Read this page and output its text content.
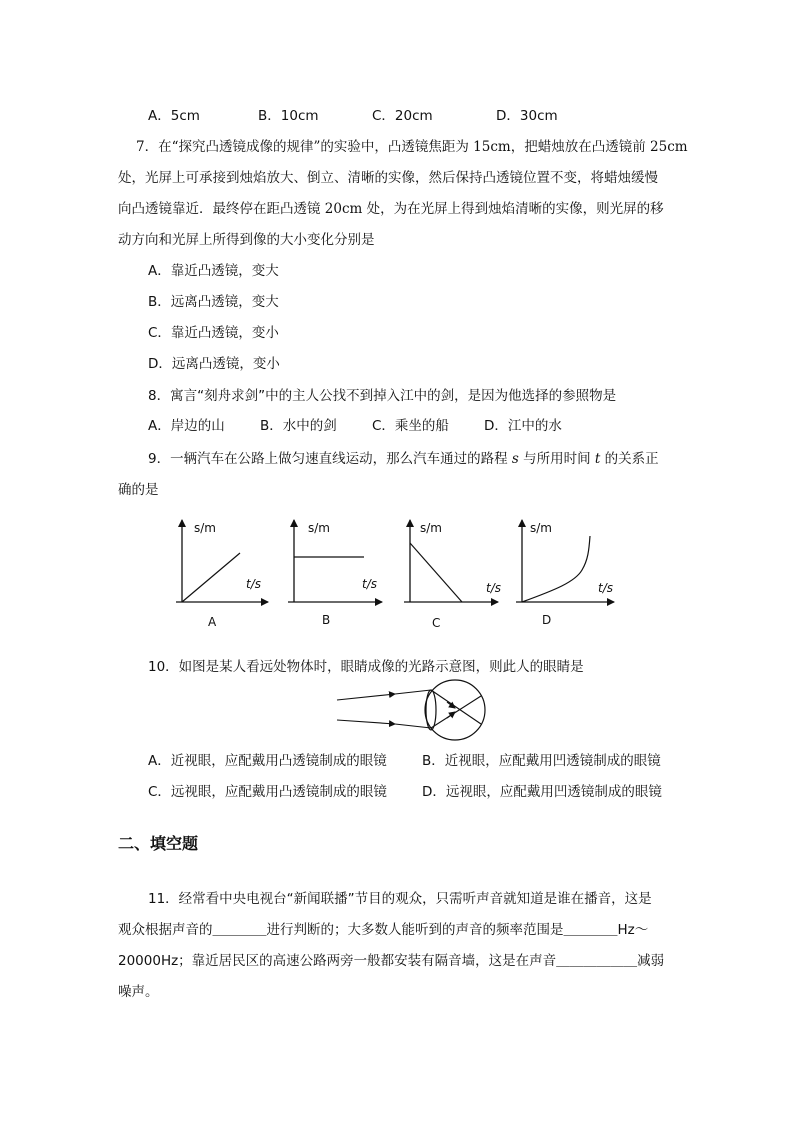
A．5cm	B．10cm	C．20cm	D．30cm
7．在“探究凸透镜成像的规律”的实验中，凸透镜焦距为 15cm，把蜡烛放在凸透镜前 25cm
处，光屏上可承接到烛焰放大、倒立、清晰的实像，然后保持凸透镜位置不变，将蜡烛缓慢
向凸透镜靠近．最终停在距凸透镜 20cm 处，为在光屏上得到烛焰清晰的实像，则光屏的移
动方向和光屏上所得到像的大小变化分别是
A．靠近凸透镜，变大
B．远离凸透镜，变大
C．靠近凸透镜，变小
D．远离凸透镜，变小
8．寓言“刻舟求剑”中的主人公找不到掉入江中的剑，是因为他选择的参照物是
A．岸边的山	B．水中的剑	C．乘坐的船	D．江中的水
9．一辆汽车在公路上做匀速直线运动，那么汽车通过的路程 s 与所用时间 t 的关系正
确的是
s/m
t/s
A
s/m
t/s
B
s/m
t/s
C
s/m
t/s
D
10．如图是某人看远处物体时，眼睛成像的光路示意图，则此人的眼睛是
A．近视眼，应配戴用凸透镜制成的眼镜	B．近视眼，应配戴用凹透镜制成的眼镜
C．远视眼，应配戴用凸透镜制成的眼镜	D．远视眼，应配戴用凹透镜制成的眼镜
二、填空题
11．经常看中央电视台“新闻联播”节目的观众，只需听声音就知道是谁在播音，这是
观众根据声音的＿＿＿＿进行判断的；大多数人能听到的声音的频率范围是＿＿＿＿Hz～
20000Hz；靠近居民区的高速公路两旁一般都安装有隔音墙，这是在声音＿＿＿＿＿＿减弱
噪声。
